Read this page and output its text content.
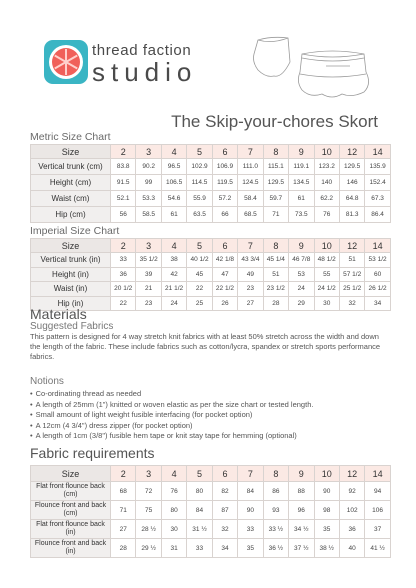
thread faction
studio
The Skip-your-chores Skort
Metric Size Chart
Size	2	3	4	5	6	7	8	9	10	12	14
Vertical trunk (cm)	83.8	90.2	96.5	102.9	106.9	111.0	115.1	119.1	123.2	129.5	135.9
Height (cm)	91.5	99	106.5	114.5	119.5	124.5	129.5	134.5	140	146	152.4
Waist (cm)	52.1	53.3	54.6	55.9	57.2	58.4	59.7	61	62.2	64.8	67.3
Hip (cm)	56	58.5	61	63.5	66	68.5	71	73.5	76	81.3	86.4
Imperial Size Chart
Size	2	3	4	5	6	7	8	9	10	12	14
Vertical trunk (in)	33	35 1/2	38	40 1/2	42 1/8	43 3/4	45 1/4	46 7/8	48 1/2	51	53 1/2
Height (in)	36	39	42	45	47	49	51	53	55	57 1/2	60
Waist (in)	20 1/2	21	21 1/2	22	22 1/2	23	23 1/2	24	24 1/2	25 1/2	26 1/2
Hip (in)	22	23	24	25	26	27	28	29	30	32	34
Materials
Suggested Fabrics

This pattern is designed for 4 way stretch knit fabrics with at least 50% stretch across the width and down the length of the fabric. These include fabrics such as cotton/lycra, spandex or stretch sports performance fabrics.

Notions
• Co-ordinating thread as needed
• A length of 25mm (1") knitted or woven elastic as per the size chart or tested length.
• Small amount of light weight fusible interfacing (for pocket option)
• A 12cm (4 3/4") dress zipper (for pocket option)
• A length of 1cm (3/8") fusible hem tape or knit stay tape for hemming (optional)
Fabric requirements
Size	2	3	4	5	6	7	8	9	10	12	14
Flat front flounce back (cm)	68	72	76	80	82	84	86	88	90	92	94
Flounce front and back (cm)	71	75	80	84	87	90	93	96	98	102	106
Flat front flounce back (in)	27	28 ½	30	31 ½	32	33	33 ½	34 ½	35	36	37
Flounce front and back (in)	28	29 ½	31	33	34	35	36 ½	37 ½	38 ½	40	41 ½
